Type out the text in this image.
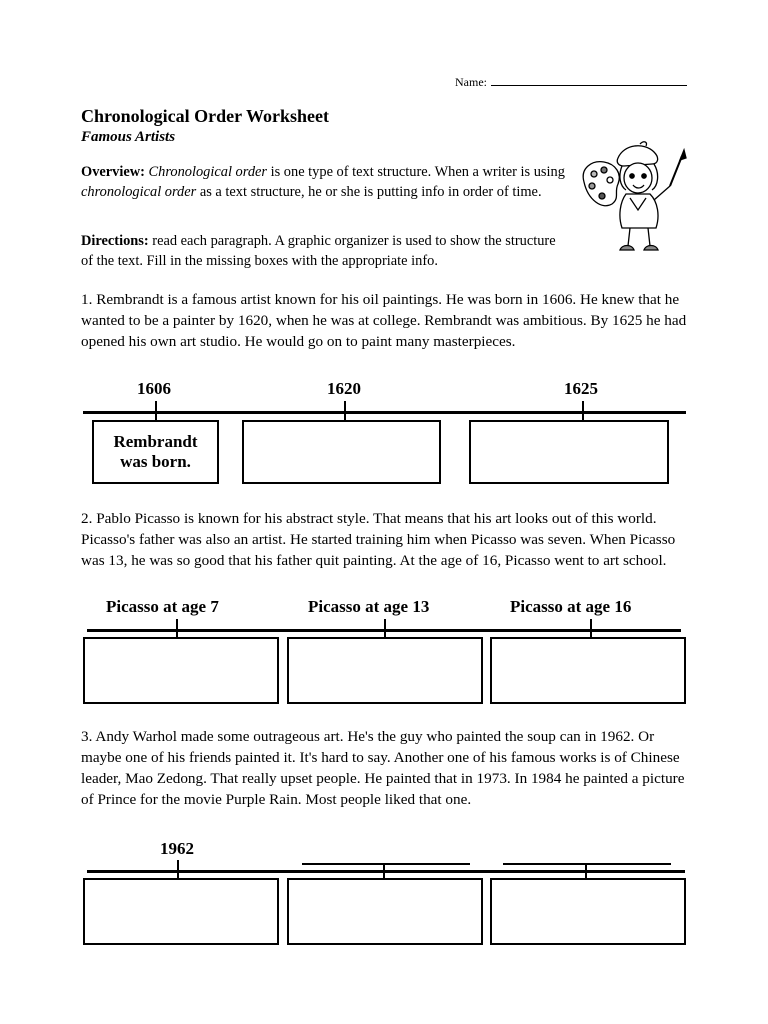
Name:
Chronological Order Worksheet
Famous Artists
Overview: Chronological order is one type of text structure. When a writer is using chronological order as a text structure, he or she is putting info in order of time.
Directions: read each paragraph. A graphic organizer is used to show the structure of the text. Fill in the missing boxes with the appropriate info.
1. Rembrandt is a famous artist known for his oil paintings. He was born in 1606. He knew that he wanted to be a painter by 1620, when he was at college. Rembrandt was ambitious. By 1625 he had opened his own art studio. He would go on to paint many masterpieces.
1606	1620	1625
Rembrandt was born.
2. Pablo Picasso is known for his abstract style. That means that his art looks out of this world. Picasso's father was also an artist. He started training him when Picasso was seven. When Picasso was 13, he was so good that his father quit painting. At the age of 16, Picasso went to art school.
Picasso at age 7	Picasso at age 13	Picasso at age 16
3. Andy Warhol made some outrageous art. He's the guy who painted the soup can in 1962. Or maybe one of his friends painted it. It's hard to say. Another one of his famous works is of Chinese leader, Mao Zedong. That really upset people. He painted that in 1973. In 1984 he painted a picture of Prince for the movie Purple Rain. Most people liked that one.
1962
